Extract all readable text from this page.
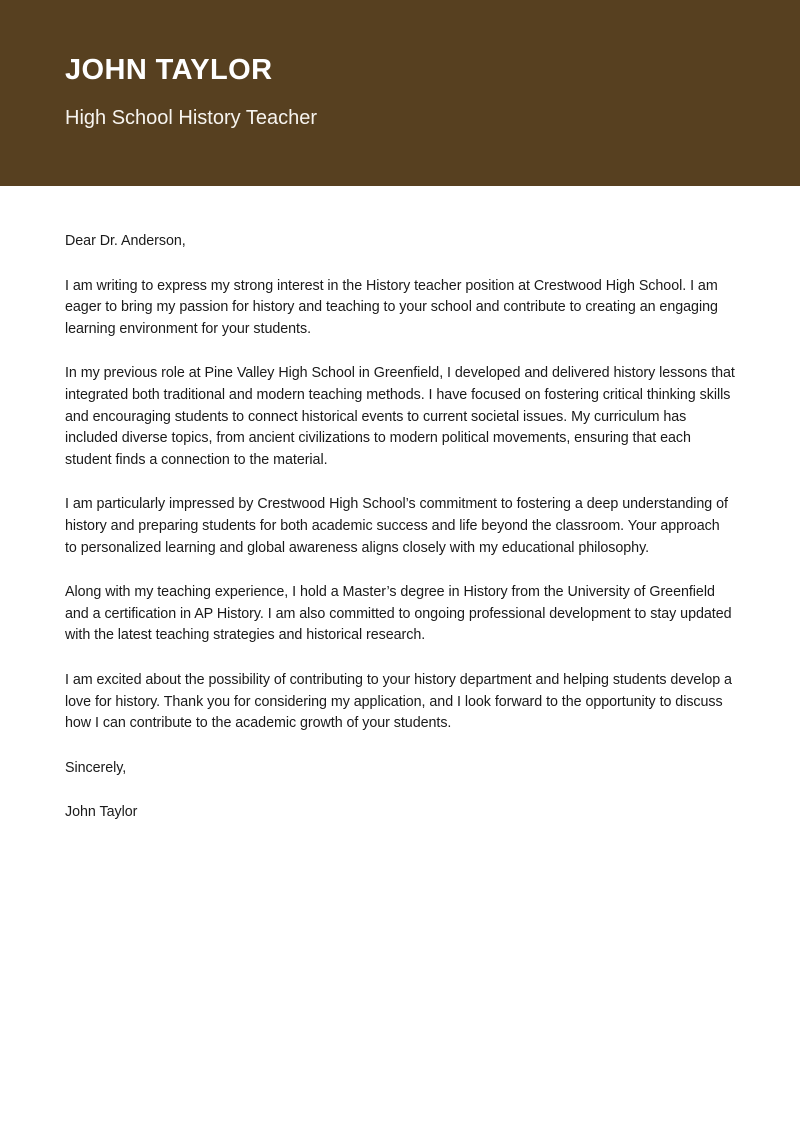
JOHN TAYLOR

High School History Teacher

Dear Dr. Anderson,

I am writing to express my strong interest in the History teacher position at Crestwood High School. I am eager to bring my passion for history and teaching to your school and contribute to creating an engaging learning environment for your students.

In my previous role at Pine Valley High School in Greenfield, I developed and delivered history lessons that integrated both traditional and modern teaching methods. I have focused on fostering critical thinking skills and encouraging students to connect historical events to current societal issues. My curriculum has included diverse topics, from ancient civilizations to modern political movements, ensuring that each student finds a connection to the material.

I am particularly impressed by Crestwood High School’s commitment to fostering a deep understanding of history and preparing students for both academic success and life beyond the classroom. Your approach to personalized learning and global awareness aligns closely with my educational philosophy.

Along with my teaching experience, I hold a Master’s degree in History from the University of Greenfield and a certification in AP History. I am also committed to ongoing professional development to stay updated with the latest teaching strategies and historical research.

I am excited about the possibility of contributing to your history department and helping students develop a love for history. Thank you for considering my application, and I look forward to the opportunity to discuss how I can contribute to the academic growth of your students.

Sincerely,

John Taylor
